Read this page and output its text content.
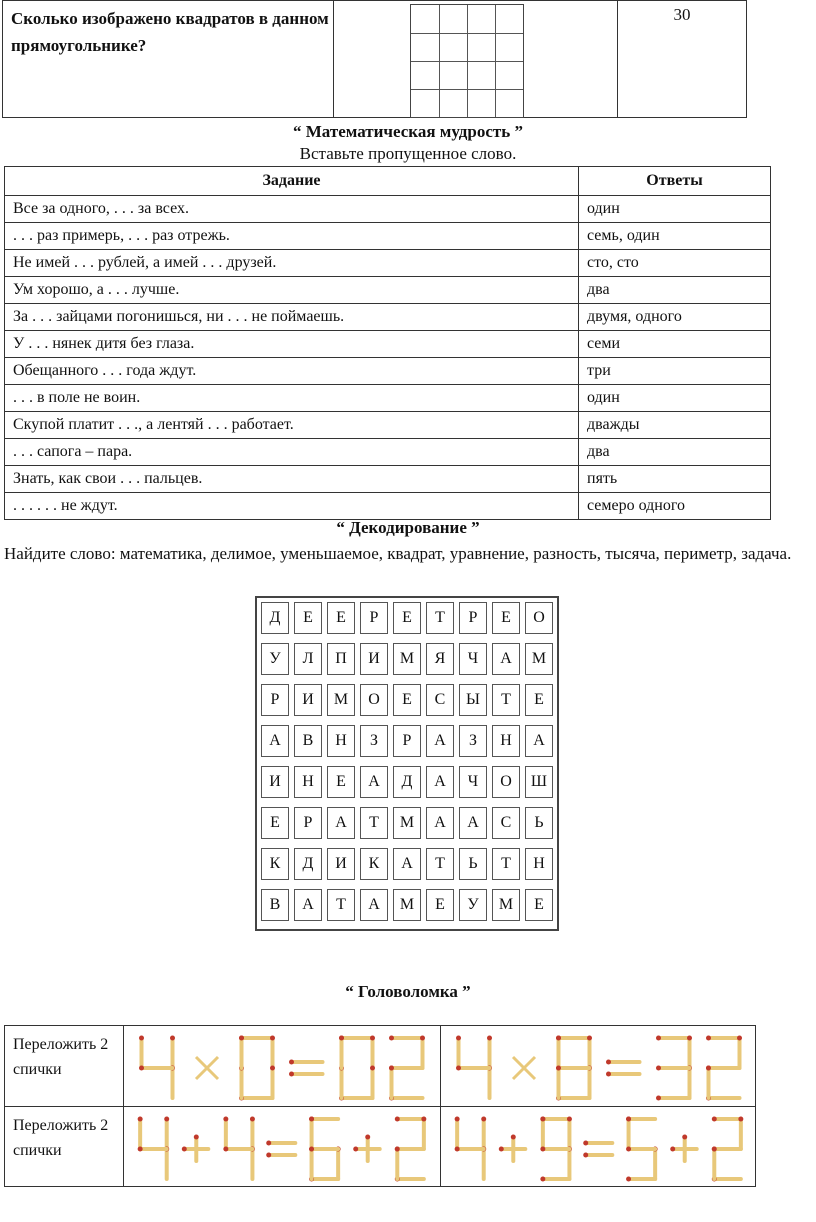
Сколько изображено квадратов в данном прямоугольнике?		30
“ Математическая мудрость ”
Вставьте пропущенное слово.
Задание	Ответы
Все за одного, . . . за всех.	один
. . . раз примерь, . . . раз отрежь.	семь, один
Не имей . . . рублей, а имей . . . друзей.	сто, сто
Ум хорошо, а . . . лучше.	два
За . . . зайцами погонишься, ни . . . не поймаешь.	двумя, одного
У . . . нянек дитя без глаза.	семи
Обещанного . . . года ждут.	три
. . . в поле не воин.	один
Скупой платит . . ., а лентяй . . . работает.	дважды
. . . сапога – пара.	два
Знать, как свои . . . пальцев.	пять
. . . . . . не ждут.	семеро одного
“ Декодирование ”
Найдите слово: математика, делимое, уменьшаемое, квадрат, уравнение, разность, тысяча, периметр, задача.
Д	Е	Е	Р	Е	Т	Р	Е	О
У	Л	П	И	М	Я	Ч	А	М
Р	И	М	О	Е	С	Ы	Т	Е
А	В	Н	З	Р	А	З	Н	А
И	Н	Е	А	Д	А	Ч	О	Ш
Е	Р	А	Т	М	А	А	С	Ь
К	Д	И	К	А	Т	Ь	Т	Н
В	А	Т	А	М	Е	У	М	Е
“ Головоломка ”
Переложить 2 спички	

Переложить 2 спички	
